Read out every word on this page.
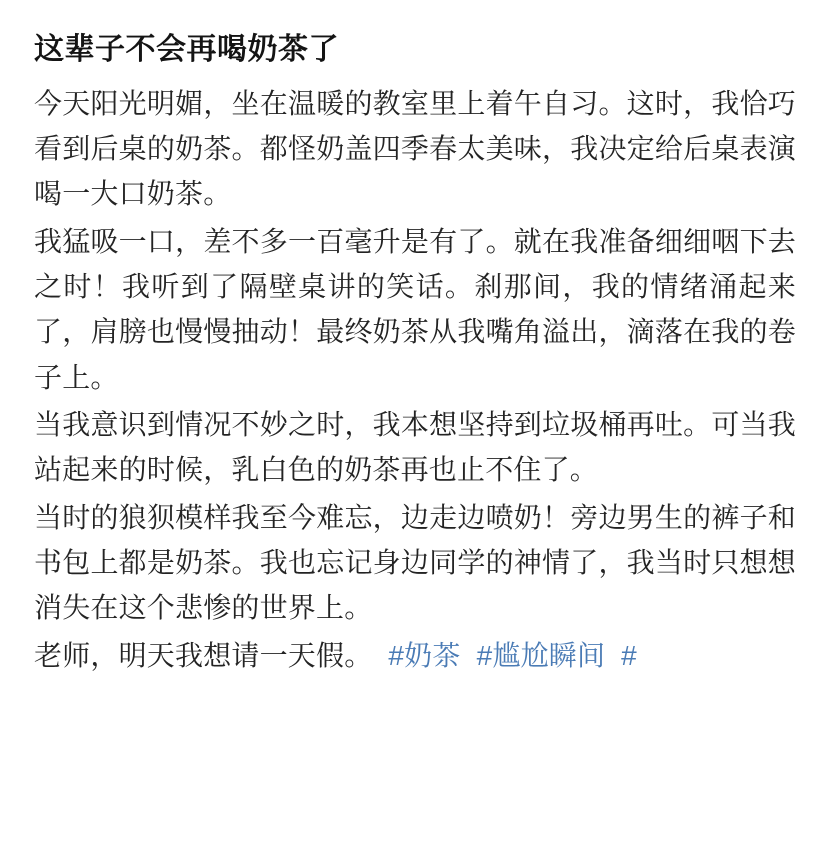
这辈子不会再喝奶茶了

今天阳光明媚，坐在温暖的教室里上着午自习。这时，我恰巧看到后桌的奶茶。都怪奶盖四季春太美味，我决定给后桌表演喝一大口奶茶。

我猛吸一口，差不多一百毫升是有了。就在我准备细细咽下去之时！我听到了隔壁桌讲的笑话。刹那间，我的情绪涌起来了，肩膀也慢慢抽动！最终奶茶从我嘴角溢出，滴落在我的卷子上。

当我意识到情况不妙之时，我本想坚持到垃圾桶再吐。可当我站起来的时候，乳白色的奶茶再也止不住了。

当时的狼狈模样我至今难忘，边走边喷奶！旁边男生的裤子和书包上都是奶茶。我也忘记身边同学的神情了，我当时只想想消失在这个悲惨的世界上。

老师，明天我想请一天假。 #奶茶 #尴尬瞬间 #
